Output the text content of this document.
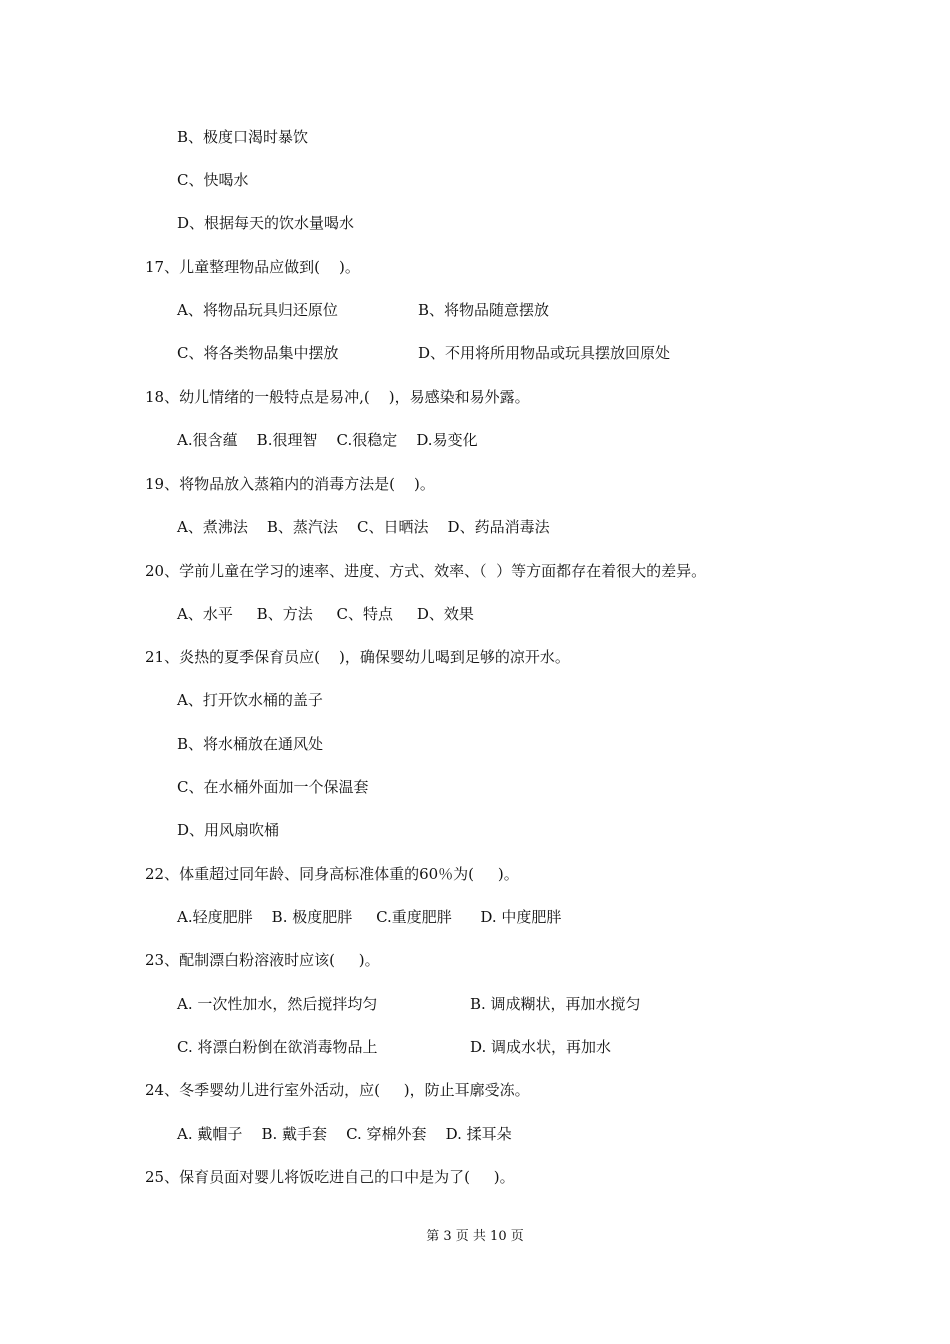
B、极度口渴时暴饮
C、快喝水
D、根据每天的饮水量喝水
17、儿童整理物品应做到(    )。
A、将物品玩具归还原位	B、将物品随意摆放
C、将各类物品集中摆放	D、不用将所用物品或玩具摆放回原处
18、幼儿情绪的一般特点是易冲,(    )，易感染和易外露。
A.很含蕴    B.很理智    C.很稳定    D.易变化
19、将物品放入蒸箱内的消毒方法是(    )。
A、煮沸法    B、蒸汽法    C、日晒法    D、药品消毒法
20、学前儿童在学习的速率、进度、方式、效率、（  ）等方面都存在着很大的差异。
A、水平     B、方法     C、特点     D、效果
21、炎热的夏季保育员应(    )，确保婴幼儿喝到足够的凉开水。
A、打开饮水桶的盖子
B、将水桶放在通风处
C、在水桶外面加一个保温套
D、用风扇吹桶
22、体重超过同年龄、同身高标准体重的60％为(     )。
A.轻度肥胖    B. 极度肥胖     C.重度肥胖      D. 中度肥胖
23、配制漂白粉溶液时应该(     )。
A. 一次性加水，然后搅拌均匀	B. 调成糊状，再加水搅匀
C. 将漂白粉倒在欲消毒物品上	D. 调成水状，再加水
24、冬季婴幼儿进行室外活动，应(     )，防止耳廓受冻。
A. 戴帽子    B. 戴手套    C. 穿棉外套    D. 揉耳朵
25、保育员面对婴儿将饭吃进自己的口中是为了(     )。
第 3 页 共 10 页
